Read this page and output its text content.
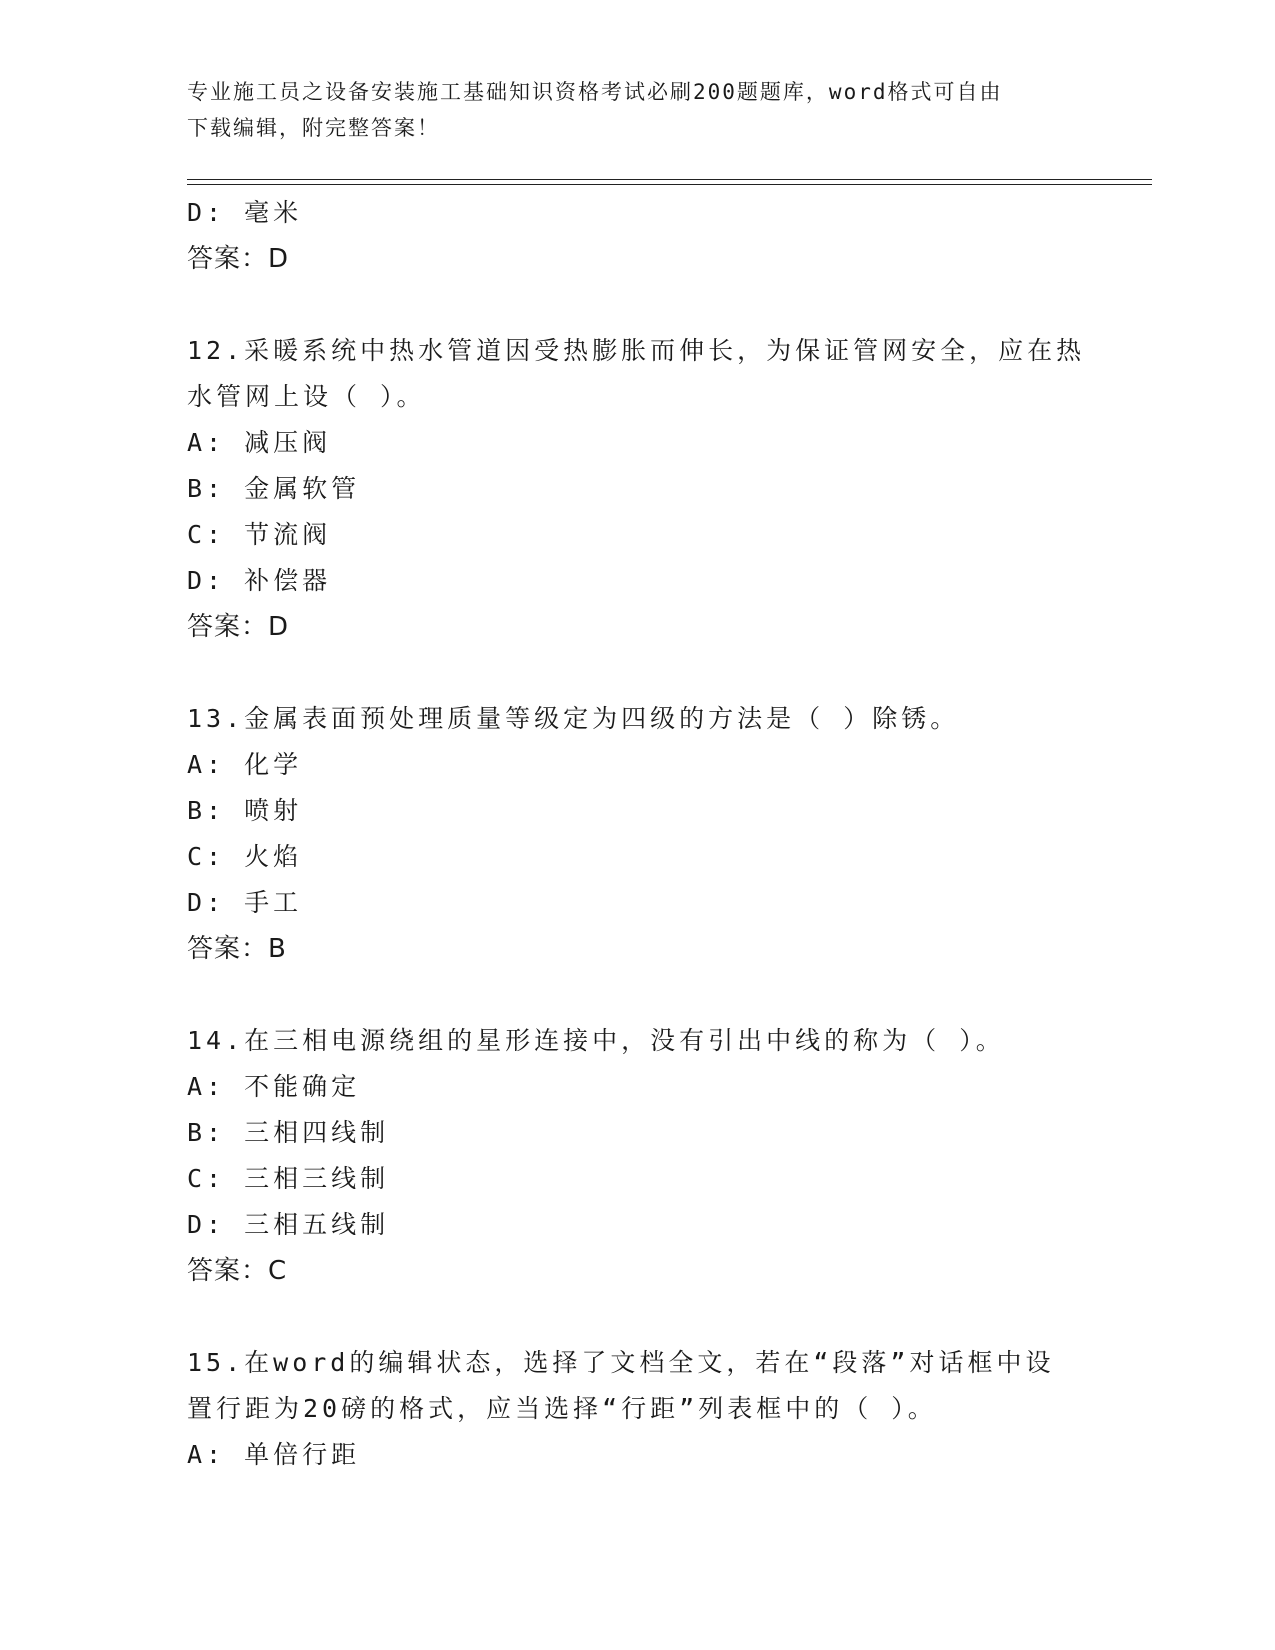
专业施工员之设备安装施工基础知识资格考试必刷200题题库，word格式可自由
下载编辑，附完整答案！
D: 毫米
答案：D
12.采暖系统中热水管道因受热膨胀而伸长，为保证管网安全，应在热
水管网上设（ ）。
A: 减压阀
B: 金属软管
C: 节流阀
D: 补偿器
答案：D
13.金属表面预处理质量等级定为四级的方法是（ ）除锈。
A: 化学
B: 喷射
C: 火焰
D: 手工
答案：B
14.在三相电源绕组的星形连接中，没有引出中线的称为（ ）。
A: 不能确定
B: 三相四线制
C: 三相三线制
D: 三相五线制
答案：C
15.在word的编辑状态，选择了文档全文，若在“段落”对话框中设
置行距为20磅的格式，应当选择“行距”列表框中的（ ）。
A: 单倍行距
